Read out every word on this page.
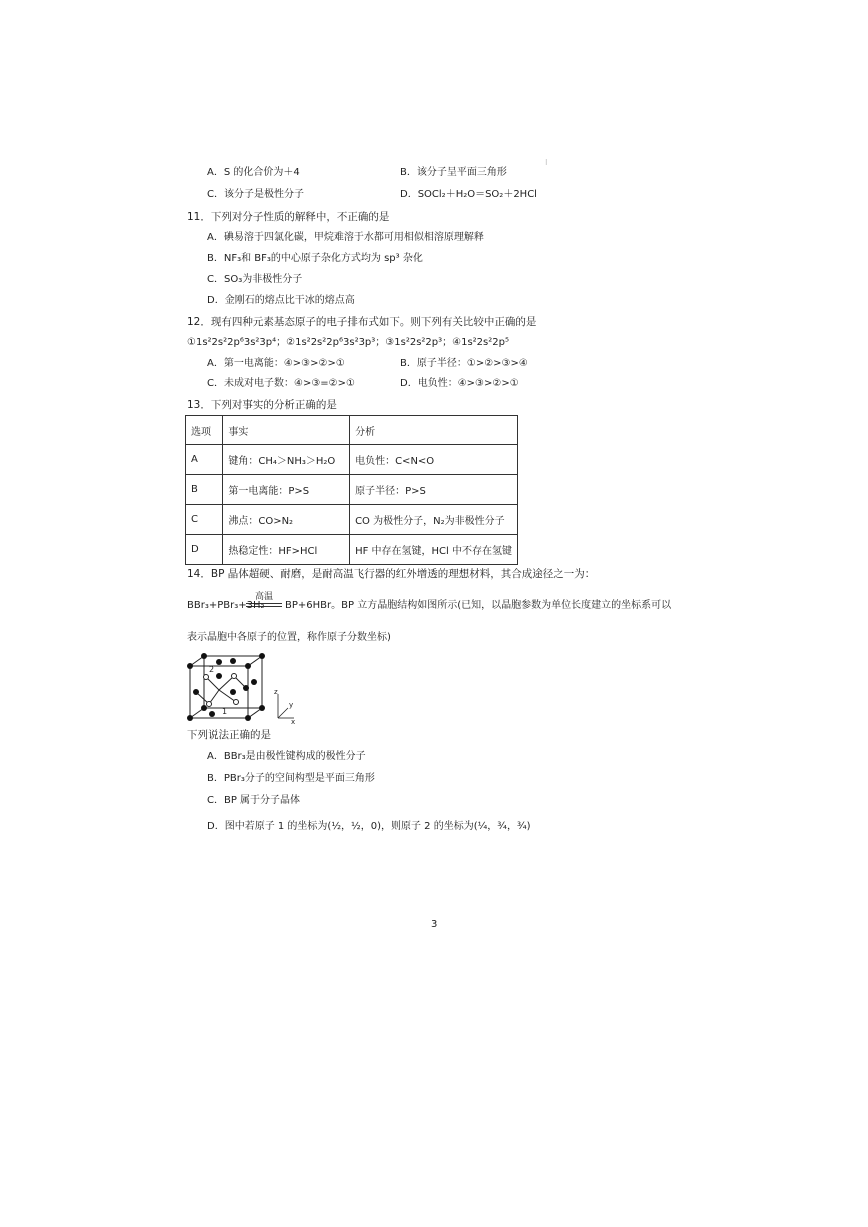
⁝
A．S 的化合价为＋4	B．该分子呈平面三角形
C．该分子是极性分子	D．SOCl₂＋H₂O＝SO₂＋2HCl
11．下列对分子性质的解释中，不正确的是
A．碘易溶于四氯化碳，甲烷难溶于水都可用相似相溶原理解释
B．NF₃和 BF₃的中心原子杂化方式均为 sp³ 杂化
C．SO₃为非极性分子
D．金刚石的熔点比干冰的熔点高
12．现有四种元素基态原子的电子排布式如下。则下列有关比较中正确的是
①1s²2s²2p⁶3s²3p⁴；②1s²2s²2p⁶3s²3p³；③1s²2s²2p³；④1s²2s²2p⁵
A．第一电离能：④>③>②>①	B．原子半径：①>②>③>④
C．未成对电子数：④>③=②>①	D．电负性：④>③>②>①
13．下列对事实的分析正确的是
选项	事实	分析
A	键角：CH₄＞NH₃＞H₂O	电负性：C<N<O
B	第一电离能：P>S	原子半径：P>S
C	沸点：CO>N₂	CO 为极性分子，N₂为非极性分子
D	热稳定性：HF>HCl	HF 中存在氢键，HCl 中不存在氢键
14．BP 晶体超硬、耐磨，是耐高温飞行器的红外增透的理想材料，其合成途径之一为：
高温
BBr₃+PBr₃+3H₂ BP+6HBr。BP 立方晶胞结构如图所示(已知，以晶胞参数为单位长度建立的坐标系可以
表示晶胞中各原子的位置，称作原子分数坐标)
2
1
z
y
x
下列说法正确的是
A．BBr₃是由极性键构成的极性分子
B．PBr₃分子的空间构型是平面三角形
C．BP 属于分子晶体
D．图中若原子 1 的坐标为(½，½，0)，则原子 2 的坐标为(¼，¾，¾)
3
